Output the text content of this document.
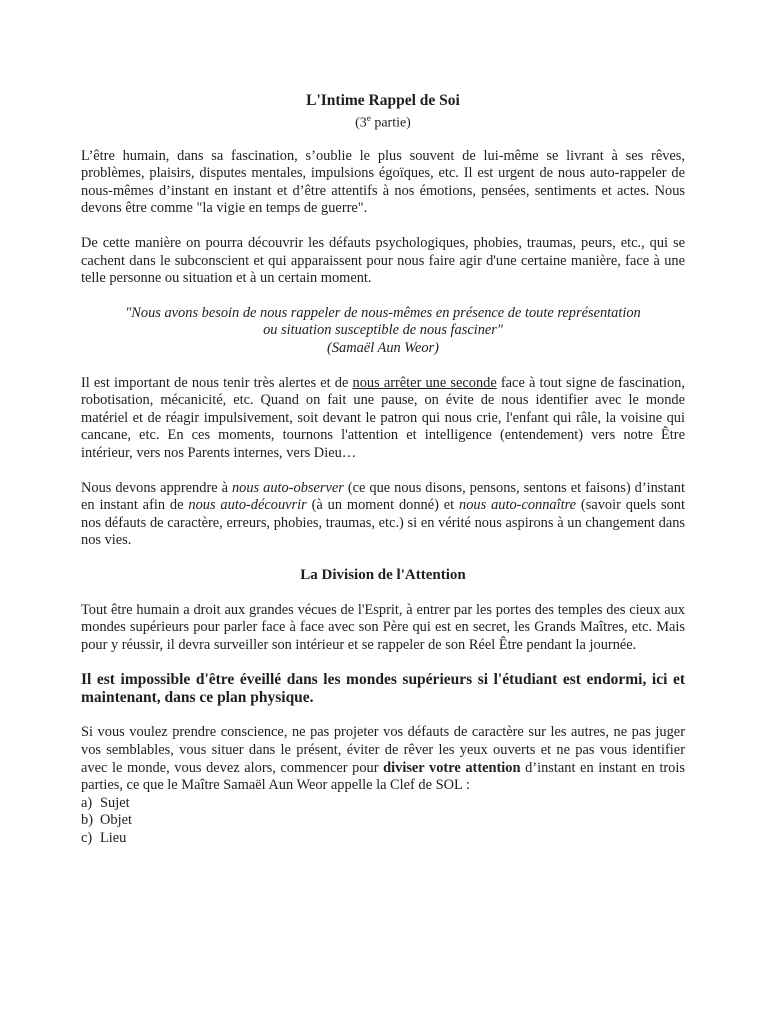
L'Intime Rappel de Soi

(3e partie)

L’être humain, dans sa fascination, s’oublie le plus souvent de lui-même se livrant à ses rêves, problèmes, plaisirs, disputes mentales, impulsions égoïques, etc. Il est urgent de nous auto-rappeler de nous-mêmes d’instant en instant et d’être attentifs à nos émotions, pensées, sentiments et actes. Nous devons être comme "la vigie en temps de guerre".

De cette manière on pourra découvrir les défauts psychologiques, phobies, traumas, peurs, etc., qui se cachent dans le subconscient et qui apparaissent pour nous faire agir d'une certaine manière, face à une telle personne ou situation et à un certain moment.

"Nous avons besoin de nous rappeler de nous-mêmes en présence de toute représentation
ou situation susceptible de nous fasciner"
(Samaël Aun Weor)

Il est important de nous tenir très alertes et de nous arrêter une seconde face à tout signe de fascination, robotisation, mécanicité, etc. Quand on fait une pause, on évite de nous identifier avec le monde matériel et de réagir impulsivement, soit devant le patron qui nous crie, l'enfant qui râle, la voisine qui cancane, etc. En ces moments, tournons l'attention et intelligence (entendement) vers notre Être intérieur, vers nos Parents internes, vers Dieu…

Nous devons apprendre à nous auto-observer (ce que nous disons, pensons, sentons et faisons) d’instant en instant afin de nous auto-découvrir (à un moment donné) et nous auto-connaître (savoir quels sont nos défauts de caractère, erreurs, phobies, traumas, etc.) si en vérité nous aspirons à un changement dans nos vies.

La Division de l'Attention

Tout être humain a droit aux grandes vécues de l'Esprit, à entrer par les portes des temples des cieux aux mondes supérieurs pour parler face à face avec son Père qui est en secret, les Grands Maîtres, etc. Mais pour y réussir, il devra surveiller son intérieur et se rappeler de son Réel Être pendant la journée.

Il est impossible d'être éveillé dans les mondes supérieurs si l'étudiant est endormi, ici et maintenant, dans ce plan physique.

Si vous voulez prendre conscience, ne pas projeter vos défauts de caractère sur les autres, ne pas juger vos semblables, vous situer dans le présent, éviter de rêver les yeux ouverts et ne pas vous identifier avec le monde, vous devez alors, commencer pour diviser votre attention d’instant en instant en trois parties, ce que le Maître Samaël Aun Weor appelle la Clef de SOL :

a) Sujet
b) Objet
c) Lieu
